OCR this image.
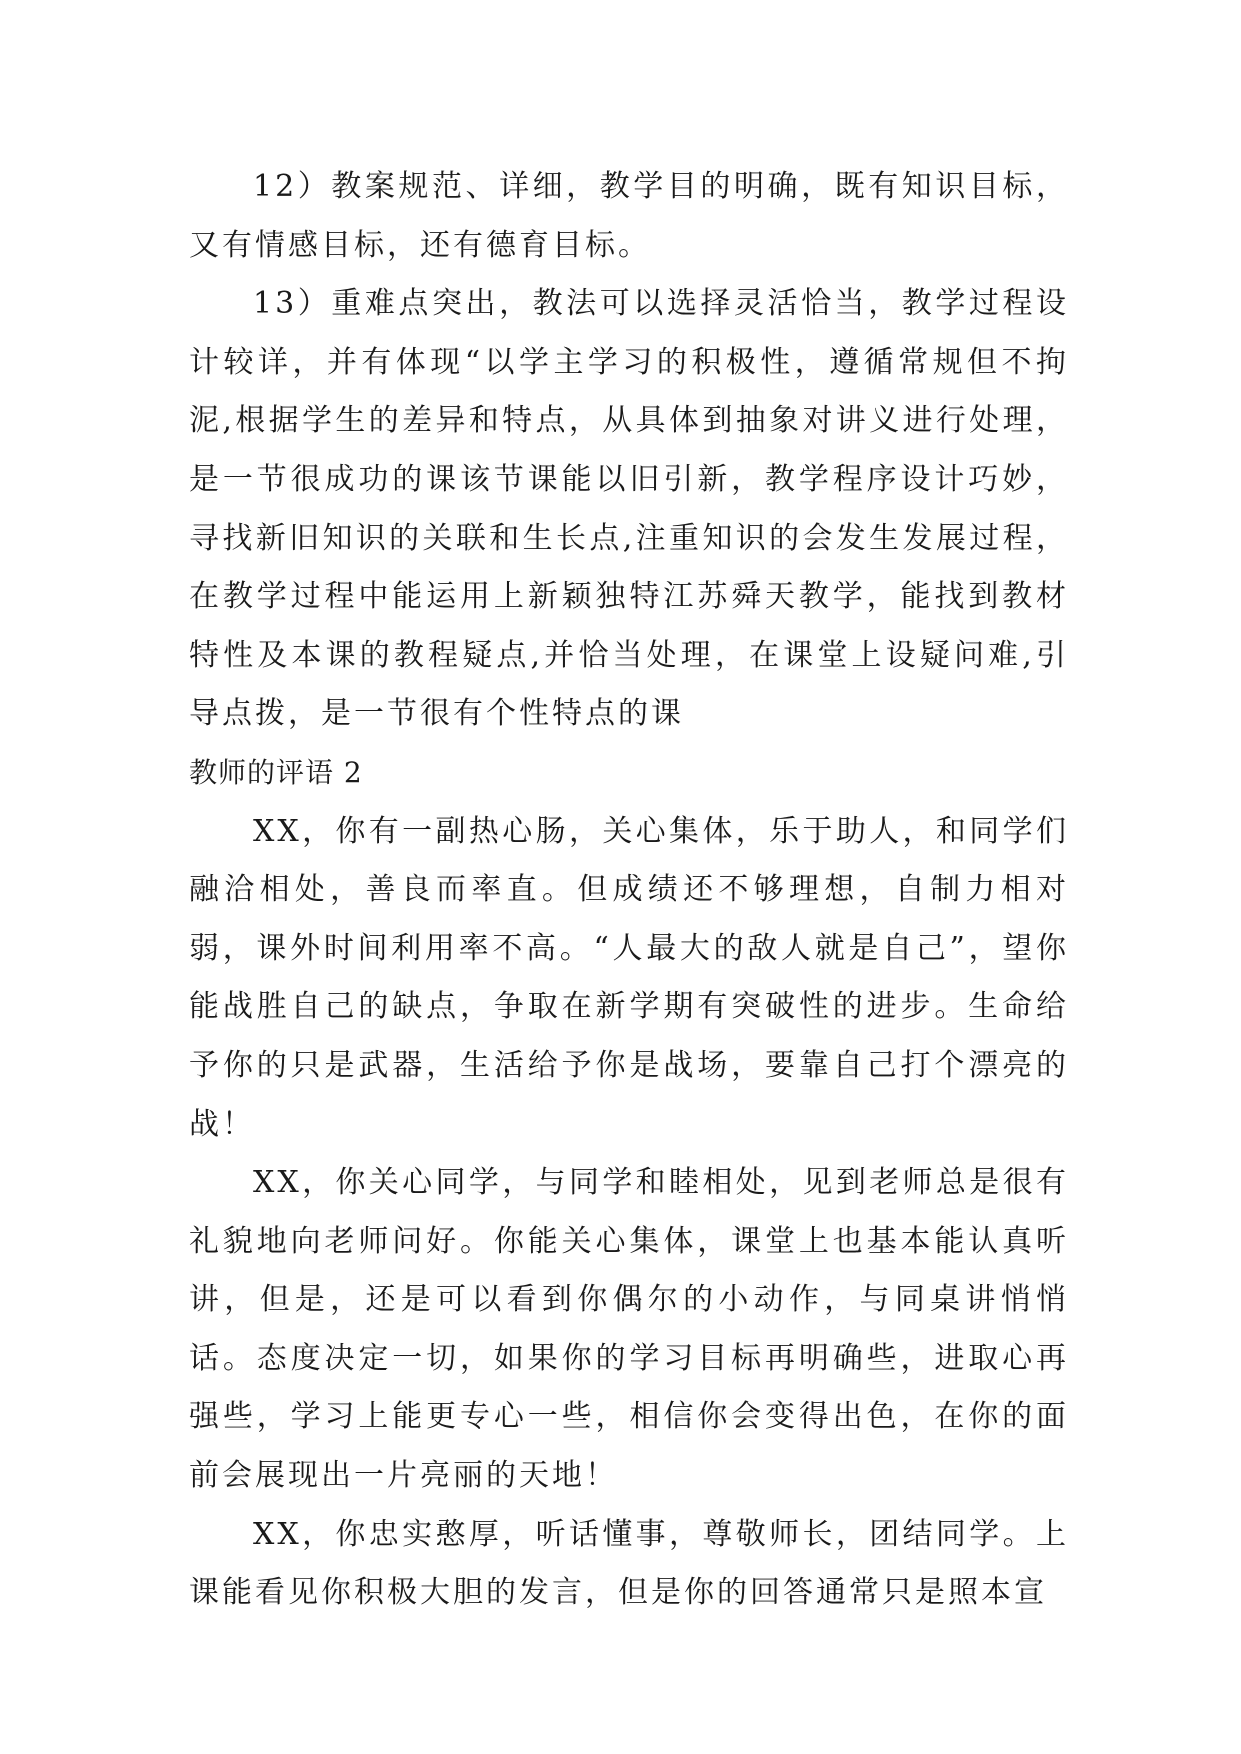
12）教案规范、详细，教学目的明确，既有知识目标，又有情感目标，还有德育目标。

13）重难点突出，教法可以选择灵活恰当，教学过程设计较详，并有体现“以学主学习的积极性，遵循常规但不拘泥,根据学生的差异和特点，从具体到抽象对讲义进行处理，是一节很成功的课该节课能以旧引新，教学程序设计巧妙，寻找新旧知识的关联和生长点,注重知识的会发生发展过程，在教学过程中能运用上新颖独特江苏舜天教学，能找到教材特性及本课的教程疑点,并恰当处理，在课堂上设疑问难,引导点拨，是一节很有个性特点的课

教师的评语 2

XX，你有一副热心肠，关心集体，乐于助人，和同学们融洽相处，善良而率直。但成绩还不够理想，自制力相对弱，课外时间利用率不高。“人最大的敌人就是自己”，望你能战胜自己的缺点，争取在新学期有突破性的进步。生命给予你的只是武器，生活给予你是战场，要靠自己打个漂亮的战！

XX，你关心同学，与同学和睦相处，见到老师总是很有礼貌地向老师问好。你能关心集体，课堂上也基本能认真听讲，但是，还是可以看到你偶尔的小动作，与同桌讲悄悄话。态度决定一切，如果你的学习目标再明确些，进取心再强些，学习上能更专心一些，相信你会变得出色，在你的面前会展现出一片亮丽的天地！

XX，你忠实憨厚，听话懂事，尊敬师长，团结同学。上课能看见你积极大胆的发言，但是你的回答通常只是照本宣
